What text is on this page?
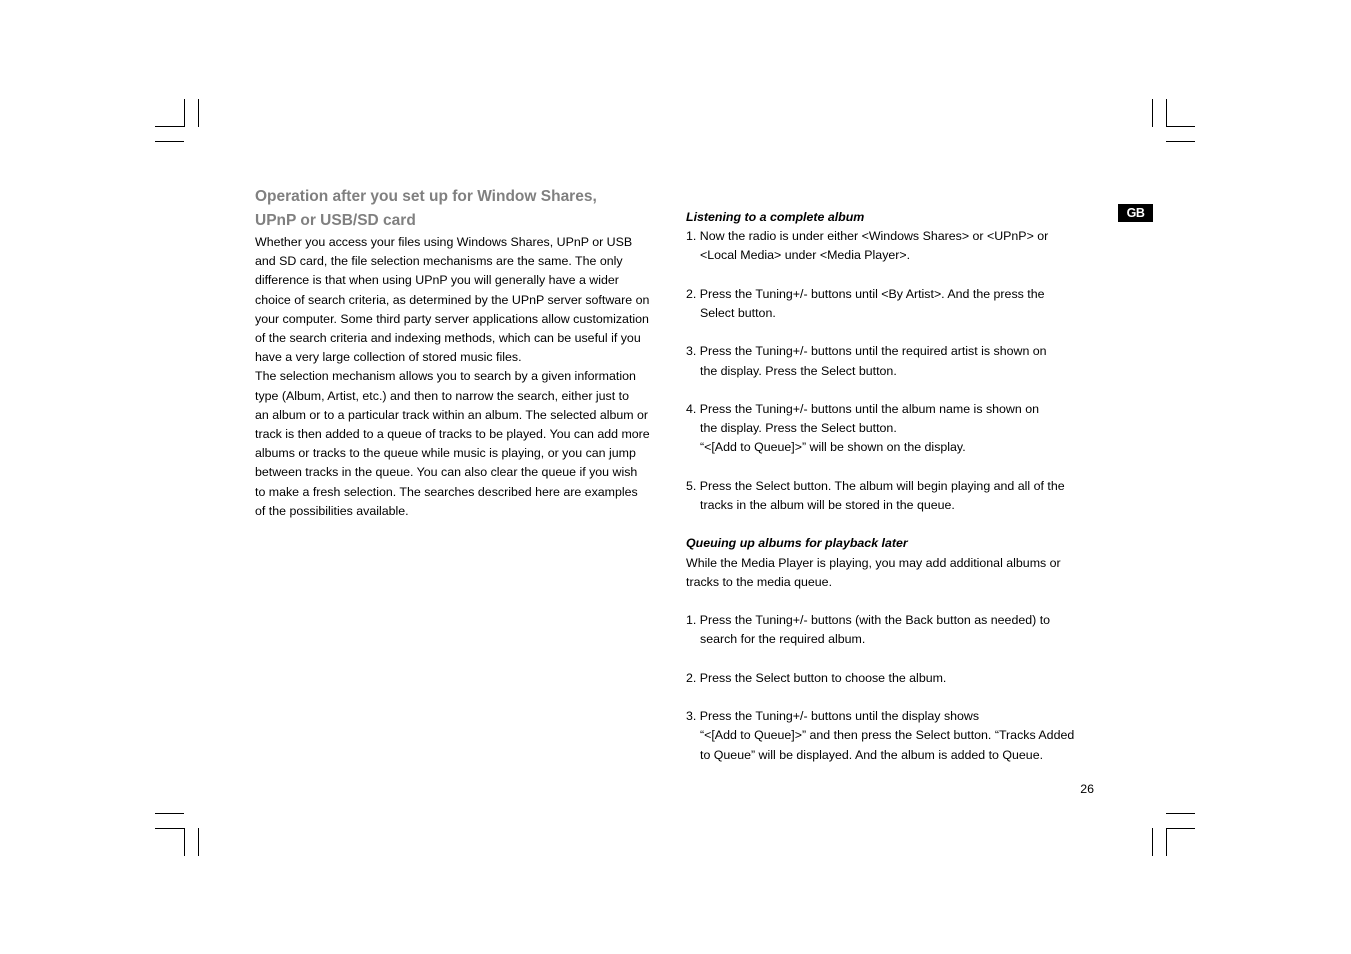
Operation after you set up for Window Shares,
UPnP or USB/SD card
Whether you access your files using Windows Shares, UPnP or USB
and SD card, the file selection mechanisms are the same. The only
difference is that when using UPnP you will generally have a wider
choice of search criteria, as determined by the UPnP server software on
your computer. Some third party server applications allow customization
of the search criteria and indexing methods, which can be useful if you
have a very large collection of stored music files.
The selection mechanism allows you to search by a given information
type (Album, Artist, etc.) and then to narrow the search, either just to
an album or to a particular track within an album. The selected album or
track is then added to a queue of tracks to be played. You can add more
albums or tracks to the queue while music is playing, or you can jump
between tracks in the queue. You can also clear the queue if you wish
to make a fresh selection. The searches described here are examples
of the possibilities available.
Listening to a complete album
1. Now the radio is under either <Windows Shares> or <UPnP> or
<Local Media> under <Media Player>.
2. Press the Tuning+/- buttons until <By Artist>. And the press the
Select button.
3. Press the Tuning+/- buttons until the required artist is shown on
the display. Press the Select button.
4. Press the Tuning+/- buttons until the album name is shown on
the display. Press the Select button.
“<[Add to Queue]>” will be shown on the display.
5. Press the Select button. The album will begin playing and all of the
tracks in the album will be stored in the queue.
Queuing up albums for playback later
While the Media Player is playing, you may add additional albums or
tracks to the media queue.
1. Press the Tuning+/- buttons (with the Back button as needed) to
search for the required album.
2. Press the Select button to choose the album.
3. Press the Tuning+/- buttons until the display shows
“<[Add to Queue]>” and then press the Select button. “Tracks Added
to Queue” will be displayed. And the album is added to Queue.
GB
26
